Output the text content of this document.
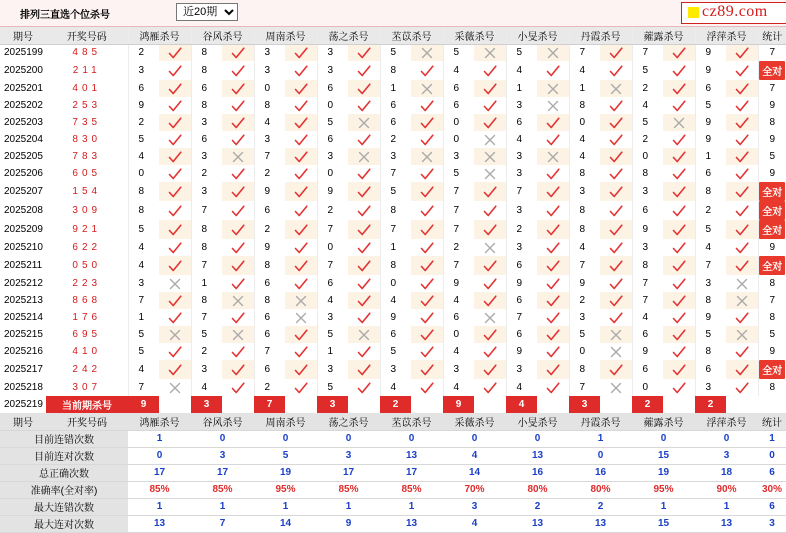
排列三直选个位杀号
近20期	cz89.com
期号	开奖号码	鸿雁杀号		谷风杀号		周南杀号		荡之杀号		苤苡杀号		采薇杀号		小旻杀号		丹霞杀号		蕹露杀号		浮萍杀号		统计
2025199	485	2		8		3		3		5		5		5		7		7		9		7
2025200	211	3		8		3		3		8		4		4		4		5		9		全对
2025201	401	6		6		0		6		1		6		1		1		2		6		7
2025202	253	9		8		8		0		6		6		3		8		4		5		9
2025203	735	2		3		4		5		6		0		6		0		5		9		8
2025204	830	5		6		3		6		2		0		4		4		2		9		9
2025205	783	4		3		7		3		3		3		3		4		0		1		5
2025206	605	0		2		2		0		7		5		3		8		8		6		9
2025207	154	8		3		9		9		5		7		7		3		3		8		全对
2025208	309	8		7		6		2		8		7		3		8		6		2		全对
2025209	921	5		8		2		7		7		7		2		8		9		5		全对
2025210	622	4		8		9		0		1		2		3		4		3		4		9
2025211	050	4		7		8		7		8		7		6		7		8		7		全对
2025212	223	3		1		6		6		0		9		9		9		7		3		8
2025213	868	7		8		8		4		4		4		6		2		7		8		7
2025214	176	1		7		6		3		9		6		7		3		4		9		8
2025215	695	5		5		6		5		6		0		6		5		6		5		5
2025216	410	5		2		7		1		5		4		9		0		9		8		9
2025217	242	4		3		6		3		3		3		3		8		6		6		全对
2025218	307	7		4		2		5		4		4		4		7		0		3		8
2025219	当前期杀号	9		3		7		3		2		9		4		3		2		2		
期号 开奖号码	鸿雁杀号	谷风杀号	周南杀号	荡之杀号	苤苡杀号	采薇杀号	小旻杀号	丹霞杀号	蕹露杀号	浮萍杀号	统计
目前连错次数	1	0	0	0	0	0	0	1	0	0	1
目前连对次数	0	3	5	3	13	4	13	0	15	3	0
总正确次数	17	17	19	17	17	14	16	16	19	18	6
准确率(全对率)	85%	85%	95%	85%	85%	70%	80%	80%	95%	90%	30%
最大连错次数	1	1	1	1	1	3	2	2	1	1	6
最大连对次数	13	7	14	9	13	4	13	13	15	13	3
